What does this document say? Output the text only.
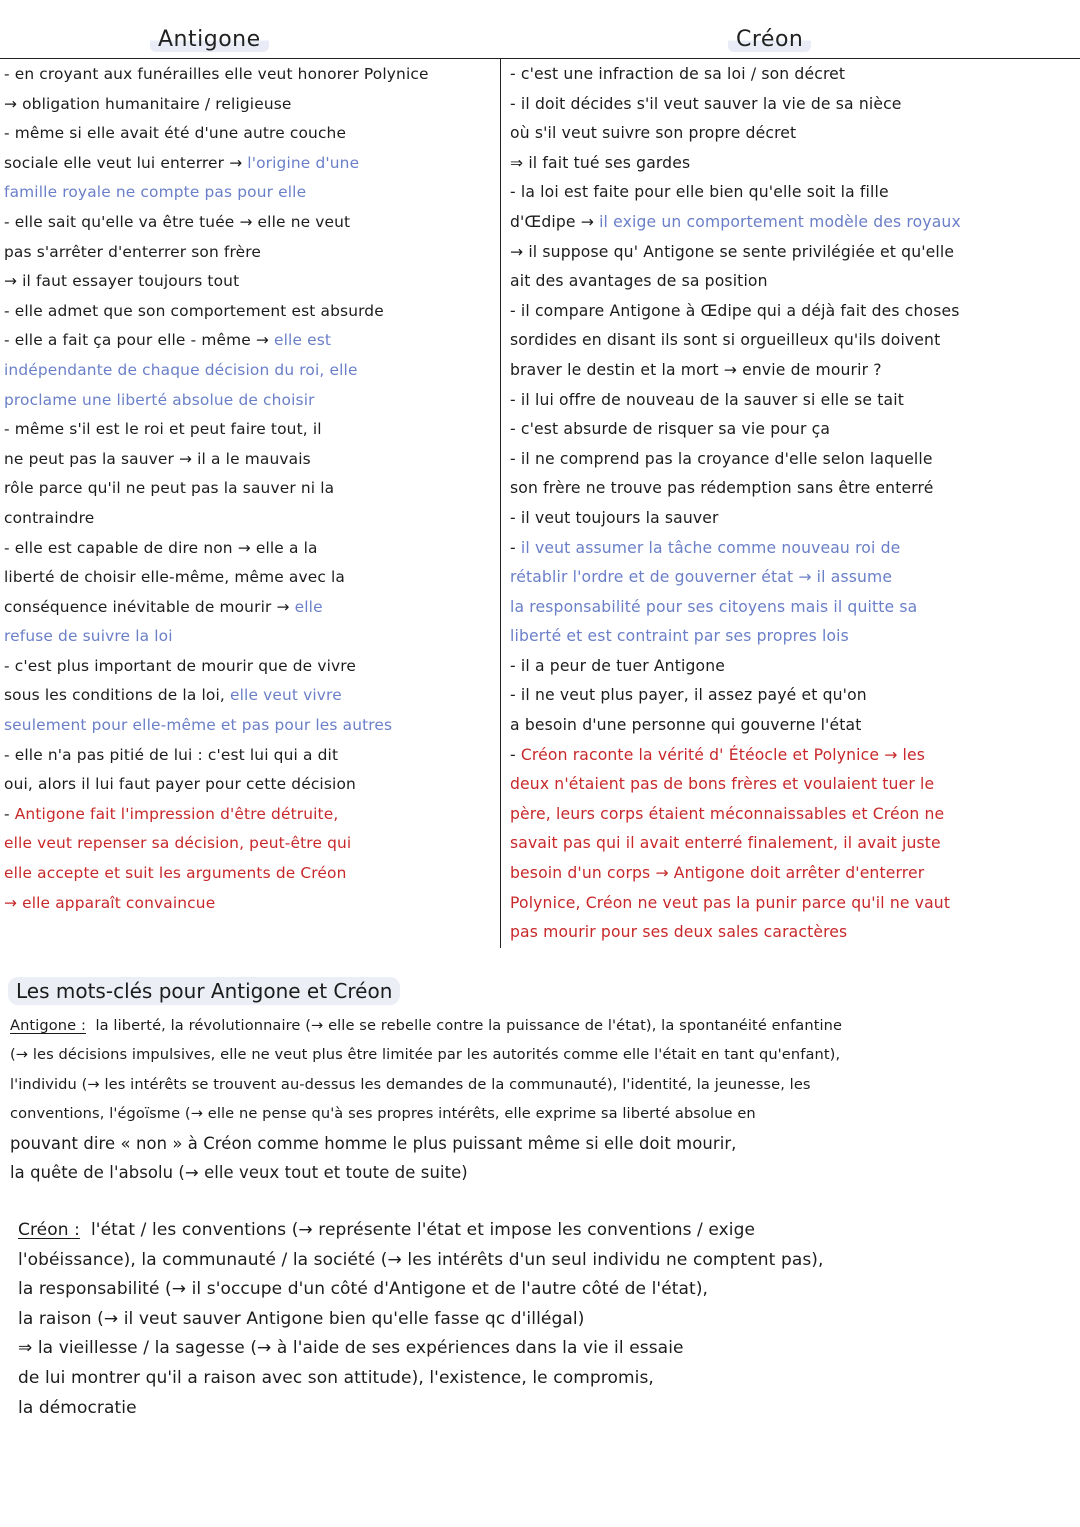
Antigone	Créon
- en croyant aux funérailles elle veut honorer Polynice
→ obligation humanitaire / religieuse
- même si elle avait été d'une autre couche
sociale elle veut lui enterrer → l'origine d'une
famille royale ne compte pas pour elle
- elle sait qu'elle va être tuée → elle ne veut
pas s'arrêter d'enterrer son frère
→ il faut essayer toujours tout
- elle admet que son comportement est absurde
- elle a fait ça pour elle - même → elle est
indépendante de chaque décision du roi, elle
proclame une liberté absolue de choisir
- même s'il est le roi et peut faire tout, il
ne peut pas la sauver → il a le mauvais
rôle parce qu'il ne peut pas la sauver ni la
contraindre
- elle est capable de dire non → elle a la
liberté de choisir elle-même, même avec la
conséquence inévitable de mourir → elle
refuse de suivre la loi
- c'est plus important de mourir que de vivre
sous les conditions de la loi, elle veut vivre
seulement pour elle-même et pas pour les autres
- elle n'a pas pitié de lui : c'est lui qui a dit
oui, alors il lui faut payer pour cette décision
- Antigone fait l'impression d'être détruite,
elle veut repenser sa décision, peut-être qui
elle accepte et suit les arguments de Créon
→ elle apparaît convaincue
- c'est une infraction de sa loi / son décret
- il doit décides s'il veut sauver la vie de sa nièce
où s'il veut suivre son propre décret
⇒ il fait tué ses gardes
- la loi est faite pour elle bien qu'elle soit la fille
d'Œdipe → il exige un comportement modèle des royaux
→ il suppose qu' Antigone se sente privilégiée et qu'elle
ait des avantages de sa position
- il compare Antigone à Œdipe qui a déjà fait des choses
sordides en disant ils sont si orgueilleux qu'ils doivent
braver le destin et la mort → envie de mourir ?
- il lui offre de nouveau de la sauver si elle se tait
- c'est absurde de risquer sa vie pour ça
- il ne comprend pas la croyance d'elle selon laquelle
son frère ne trouve pas rédemption sans être enterré
- il veut toujours la sauver
- il veut assumer la tâche comme nouveau roi de
rétablir l'ordre et de gouverner état → il assume
la responsabilité pour ses citoyens mais il quitte sa
liberté et est contraint par ses propres lois
- il a peur de tuer Antigone
- il ne veut plus payer, il assez payé et qu'on
a besoin d'une personne qui gouverne l'état
- Créon raconte la vérité d' Étéocle et Polynice → les
deux n'étaient pas de bons frères et voulaient tuer le
père, leurs corps étaient méconnaissables et Créon ne
savait pas qui il avait enterré finalement, il avait juste
besoin d'un corps → Antigone doit arrêter d'enterrer
Polynice, Créon ne veut pas la punir parce qu'il ne vaut
pas mourir pour ses deux sales caractères
Les mots-clés pour Antigone et Créon
Antigone : la liberté, la révolutionnaire (→ elle se rebelle contre la puissance de l'état), la spontanéité enfantine
(→ les décisions impulsives, elle ne veut plus être limitée par les autorités comme elle l'était en tant qu'enfant),
l'individu (→ les intérêts se trouvent au-dessus les demandes de la communauté), l'identité, la jeunesse, les
conventions, l'égoïsme (→ elle ne pense qu'à ses propres intérêts, elle exprime sa liberté absolue en
pouvant dire « non » à Créon comme homme le plus puissant même si elle doit mourir,
la quête de l'absolu (→ elle veux tout et toute de suite)
Créon : l'état / les conventions (→ représente l'état et impose les conventions / exige
l'obéissance), la communauté / la société (→ les intérêts d'un seul individu ne comptent pas),
la responsabilité (→ il s'occupe d'un côté d'Antigone et de l'autre côté de l'état),
la raison (→ il veut sauver Antigone bien qu'elle fasse qc d'illégal)
⇒ la vieillesse / la sagesse (→ à l'aide de ses expériences dans la vie il essaie
de lui montrer qu'il a raison avec son attitude), l'existence, le compromis,
la démocratie
